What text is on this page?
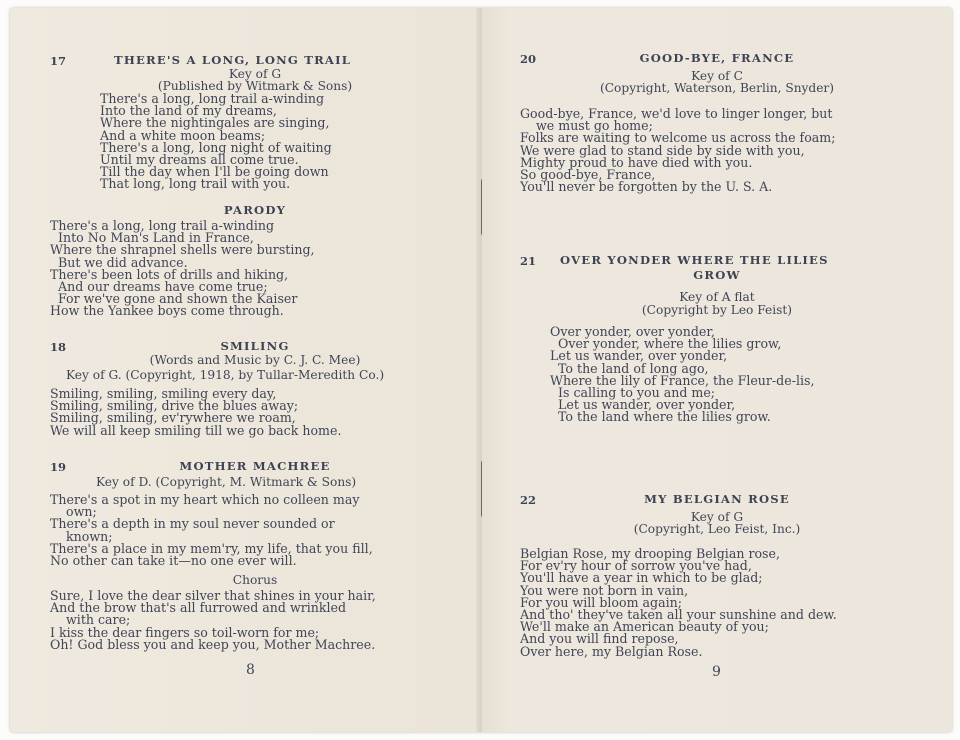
17	THERE'S A LONG, LONG TRAIL
Key of G
(Published by Witmark & Sons)
There's a long, long trail a-winding
Into the land of my dreams,
Where the nightingales are singing,
And a white moon beams;
There's a long, long night of waiting
Until my dreams all come true.
Till the day when I'll be going down
That long, long trail with you.
PARODY
There's a long, long trail a-winding
Into No Man's Land in France,
Where the shrapnel shells were bursting,
But we did advance.
There's been lots of drills and hiking,
And our dreams have come true;
For we've gone and shown the Kaiser
How the Yankee boys come through.
18	SMILING
(Words and Music by C. J. C. Mee)
Key of G. (Copyright, 1918, by Tullar-Meredith Co.)
Smiling, smiling, smiling every day,
Smiling, smiling, drive the blues away;
Smiling, smiling, ev'rywhere we roam,
We will all keep smiling till we go back home.
19	MOTHER MACHREE
Key of D. (Copyright, M. Witmark & Sons)
There's a spot in my heart which no colleen may
own;
There's a depth in my soul never sounded or
known;
There's a place in my mem'ry, my life, that you fill,
No other can take it—no one ever will.
Chorus
Sure, I love the dear silver that shines in your hair,
And the brow that's all furrowed and wrinkled
with care;
I kiss the dear fingers so toil-worn for me;
Oh! God bless you and keep you, Mother Machree.
8
20	GOOD-BYE, FRANCE
Key of C
(Copyright, Waterson, Berlin, Snyder)
Good-bye, France, we'd love to linger longer, but
we must go home;
Folks are waiting to welcome us across the foam;
We were glad to stand side by side with you,
Mighty proud to have died with you.
So good-bye, France,
You'll never be forgotten by the U. S. A.
21 OVER YONDER WHERE THE LILIES
GROW
Key of A flat
(Copyright by Leo Feist)
Over yonder, over yonder,
Over yonder, where the lilies grow,
Let us wander, over yonder,
To the land of long ago,
Where the lily of France, the Fleur-de-lis,
Is calling to you and me;
Let us wander, over yonder,
To the land where the lilies grow.
22	MY BELGIAN ROSE
Key of G
(Copyright, Leo Feist, Inc.)
Belgian Rose, my drooping Belgian rose,
For ev'ry hour of sorrow you've had,
You'll have a year in which to be glad;
You were not born in vain,
For you will bloom again;
And tho' they've taken all your sunshine and dew.
We'll make an American beauty of you;
And you will find repose,
Over here, my Belgian Rose.
9
